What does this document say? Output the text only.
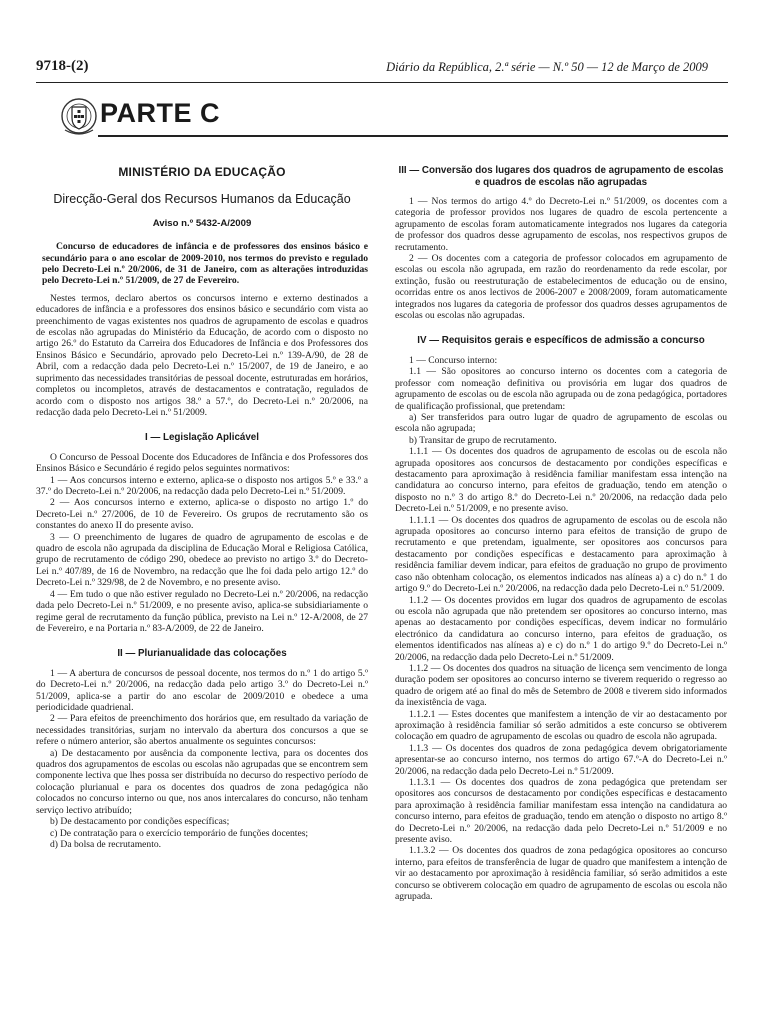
9718-(2)	Diário da República, 2.ª série — N.º 50 — 12 de Março de 2009
PARTE C
MINISTÉRIO DA EDUCAÇÃO
Direcção-Geral dos Recursos Humanos da Educação
Aviso n.º 5432-A/2009

Concurso de educadores de infância e de professores dos ensinos básico e secundário para o ano escolar de 2009-2010, nos termos do previsto e regulado pelo Decreto-Lei n.º 20/2006, de 31 de Janeiro, com as alterações introduzidas pelo Decreto-Lei n.º 51/2009, de 27 de Fevereiro.

Nestes termos, declaro abertos os concursos interno e externo destinados a educadores de infância e a professores dos ensinos básico e secundário com vista ao preenchimento de vagas existentes nos quadros de agrupamento de escolas e quadros de escolas não agrupadas do Ministério da Educação, de acordo com o disposto no artigo 26.º do Estatuto da Carreira dos Educadores de Infância e dos Professores dos Ensinos Básico e Secundário, aprovado pelo Decreto-Lei n.º 139-A/90, de 28 de Abril, com a redacção dada pelo Decreto-Lei n.º 15/2007, de 19 de Janeiro, e ao suprimento das necessidades transitórias de pessoal docente, estruturadas em horários, completos ou incompletos, através de destacamentos e contratação, regulados de acordo com o disposto nos artigos 38.º a 57.º, do Decreto-Lei n.º 20/2006, na redacção dada pelo Decreto-Lei n.º 51/2009.

I — Legislação Aplicável

O Concurso de Pessoal Docente dos Educadores de Infância e dos Professores dos Ensinos Básico e Secundário é regido pelos seguintes normativos:

1 — Aos concursos interno e externo, aplica-se o disposto nos artigos 5.º e 33.º a 37.º do Decreto-Lei n.º 20/2006, na redacção dada pelo Decreto-Lei n.º 51/2009.

2 — Aos concursos interno e externo, aplica-se o disposto no artigo 1.º do Decreto-Lei n.º 27/2006, de 10 de Fevereiro. Os grupos de recrutamento são os constantes do anexo II do presente aviso.

3 — O preenchimento de lugares de quadro de agrupamento de escolas e de quadro de escola não agrupada da disciplina de Educação Moral e Religiosa Católica, grupo de recrutamento de código 290, obedece ao previsto no artigo 3.º do Decreto-Lei n.º 407/89, de 16 de Novembro, na redacção que lhe foi dada pelo artigo 12.º do Decreto-Lei n.º 329/98, de 2 de Novembro, e no presente aviso.

4 — Em tudo o que não estiver regulado no Decreto-Lei n.º 20/2006, na redacção dada pelo Decreto-Lei n.º 51/2009, e no presente aviso, aplica-se subsidiariamente o regime geral de recrutamento da função pública, previsto na Lei n.º 12-A/2008, de 27 de Fevereiro, e na Portaria n.º 83-A/2009, de 22 de Janeiro.

II — Plurianualidade das colocações

1 — A abertura de concursos de pessoal docente, nos termos do n.º 1 do artigo 5.º do Decreto-Lei n.º 20/2006, na redacção dada pelo artigo 3.º do Decreto-Lei n.º 51/2009, aplica-se a partir do ano escolar de 2009/2010 e obedece a uma periodicidade quadrienal.

2 — Para efeitos de preenchimento dos horários que, em resultado da variação de necessidades transitórias, surjam no intervalo da abertura dos concursos a que se refere o número anterior, são abertos anualmente os seguintes concursos:

a) De destacamento por ausência da componente lectiva, para os docentes dos quadros dos agrupamentos de escolas ou escolas não agrupadas que se encontrem sem componente lectiva que lhes possa ser distribuída no decurso do respectivo período de colocação plurianual e para os docentes dos quadros de zona pedagógica não colocados no concurso interno ou que, nos anos intercalares do concurso, não tenham serviço lectivo atribuído;

b) De destacamento por condições específicas;

c) De contratação para o exercício temporário de funções docentes;

d) Da bolsa de recrutamento.

III — Conversão dos lugares dos quadros de agrupamento de escolas e quadros de escolas não agrupadas

1 — Nos termos do artigo 4.º do Decreto-Lei n.º 51/2009, os docentes com a categoria de professor providos nos lugares de quadro de escola pertencente a agrupamento de escolas foram automaticamente integrados nos lugares da categoria de professor dos quadros desse agrupamento de escolas, nos respectivos grupos de recrutamento.

2 — Os docentes com a categoria de professor colocados em agrupamento de escolas ou escola não agrupada, em razão do reordenamento da rede escolar, por extinção, fusão ou reestruturação de estabelecimentos de educação ou de ensino, ocorridas entre os anos lectivos de 2006-2007 e 2008/2009, foram automaticamente integrados nos lugares da categoria de professor dos quadros desses agrupamentos de escolas ou escolas não agrupadas.

IV — Requisitos gerais e específicos de admissão a concurso

1 — Concurso interno:

1.1 — São opositores ao concurso interno os docentes com a categoria de professor com nomeação definitiva ou provisória em lugar dos quadros de agrupamento de escolas ou de escola não agrupada ou de zona pedagógica, portadores de qualificação profissional, que pretendam:

a) Ser transferidos para outro lugar de quadro de agrupamento de escolas ou escola não agrupada;

b) Transitar de grupo de recrutamento.

1.1.1 — Os docentes dos quadros de agrupamento de escolas ou de escola não agrupada opositores aos concursos de destacamento por condições específicas e destacamento para aproximação à residência familiar manifestam essa intenção na candidatura ao concurso interno, para efeitos de graduação, tendo em atenção o disposto no n.º 3 do artigo 8.º do Decreto-Lei n.º 20/2006, na redacção dada pelo Decreto-Lei n.º 51/2009, e no presente aviso.

1.1.1.1 — Os docentes dos quadros de agrupamento de escolas ou de escola não agrupada opositores ao concurso interno para efeitos de transição de grupo de recrutamento e que pretendam, igualmente, ser opositores aos concursos para destacamento por condições específicas e destacamento para aproximação à residência familiar devem indicar, para efeitos de graduação no grupo de provimento caso não obtenham colocação, os elementos indicados nas alíneas a) a c) do n.º 1 do artigo 9.º do Decreto-Lei n.º 20/2006, na redacção dada pelo Decreto-Lei n.º 51/2009.

1.1.2 — Os docentes providos em lugar dos quadros de agrupamento de escolas ou escola não agrupada que não pretendem ser opositores ao concurso interno, mas apenas ao destacamento por condições específicas, devem indicar no formulário electrónico da candidatura ao concurso interno, para efeitos de graduação, os elementos identificados nas alíneas a) e c) do n.º 1 do artigo 9.º do Decreto-Lei n.º 20/2006, na redacção dada pelo Decreto-Lei n.º 51/2009.

1.1.2 — Os docentes dos quadros na situação de licença sem vencimento de longa duração podem ser opositores ao concurso interno se tiverem requerido o regresso ao quadro de origem até ao final do mês de Setembro de 2008 e tiverem sido informados da inexistência de vaga.

1.1.2.1 — Estes docentes que manifestem a intenção de vir ao destacamento por aproximação à residência familiar só serão admitidos a este concurso se obtiverem colocação em quadro de agrupamento de escolas ou quadro de escola não agrupada.

1.1.3 — Os docentes dos quadros de zona pedagógica devem obrigatoriamente apresentar-se ao concurso interno, nos termos do artigo 67.º-A do Decreto-Lei n.º 20/2006, na redacção dada pelo Decreto-Lei n.º 51/2009.

1.1.3.1 — Os docentes dos quadros de zona pedagógica que pretendam ser opositores aos concursos de destacamento por condições específicas e destacamento para aproximação à residência familiar manifestam essa intenção na candidatura ao concurso interno, para efeitos de graduação, tendo em atenção o disposto no artigo 8.º do Decreto-Lei n.º 20/2006, na redacção dada pelo Decreto-Lei n.º 51/2009 e no presente aviso.

1.1.3.2 — Os docentes dos quadros de zona pedagógica opositores ao concurso interno, para efeitos de transferência de lugar de quadro que manifestem a intenção de vir ao destacamento por aproximação à residência familiar, só serão admitidos a este concurso se obtiverem colocação em quadro de agrupamento de escolas ou escola não agrupada.
